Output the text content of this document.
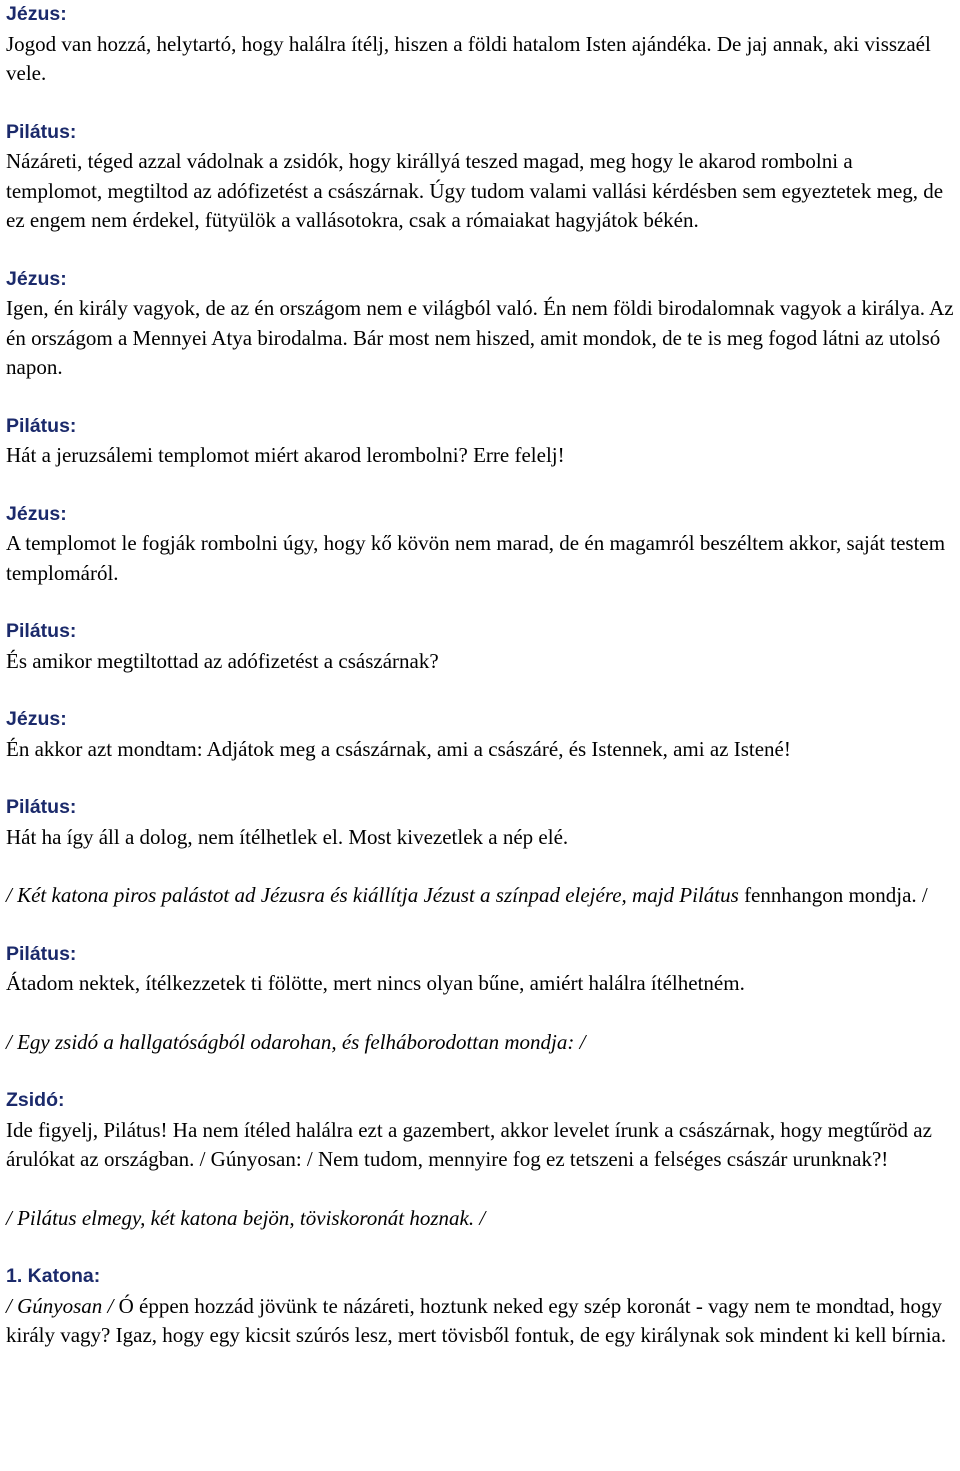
Jézus:

Jogod van hozzá, helytartó, hogy halálra ítélj, hiszen a földi hatalom Isten ajándéka. De jaj annak, aki visszaél vele.

Pilátus:

Názáreti, téged azzal vádolnak a zsidók, hogy királlyá teszed magad, meg hogy le akarod rombolni a templomot, megtiltod az adófizetést a császárnak. Úgy tudom valami vallási kérdésben sem egyeztetek meg, de ez engem nem érdekel, fütyülök a vallásotokra, csak a rómaiakat hagyjátok békén.

Jézus:

Igen, én király vagyok, de az én országom nem e világból való. Én nem földi birodalomnak vagyok a királya. Az én országom a Mennyei Atya birodalma. Bár most nem hiszed, amit mondok, de te is meg fogod látni az utolsó napon.

Pilátus:

Hát a jeruzsálemi templomot miért akarod lerombolni? Erre felelj!

Jézus:

A templomot le fogják rombolni úgy, hogy kő kövön nem marad, de én magamról beszéltem akkor, saját testem templomáról.

Pilátus:

És amikor megtiltottad az adófizetést a császárnak?

Jézus:

Én akkor azt mondtam: Adjátok meg a császárnak, ami a császáré, és Istennek, ami az Istené!

Pilátus:

Hát ha így áll a dolog, nem ítélhetlek el. Most kivezetlek a nép elé.

/ Két katona piros palástot ad Jézusra és kiállítja Jézust a színpad elejére, majd Pilátus fennhangon mondja. /

Pilátus:

Átadom nektek, ítélkezzetek ti fölötte, mert nincs olyan bűne, amiért halálra ítélhetném.

/ Egy zsidó a hallgatóságból odarohan, és felháborodottan mondja: /

Zsidó:

Ide figyelj, Pilátus! Ha nem ítéled halálra ezt a gazembert, akkor levelet írunk a császárnak, hogy megtűröd az árulókat az országban. / Gúnyosan: / Nem tudom, mennyire fog ez tetszeni a felséges császár urunknak?!

/ Pilátus elmegy, két katona bejön, töviskoronát hoznak. /

1. Katona:

/ Gúnyosan / Ó éppen hozzád jövünk te názáreti, hoztunk neked egy szép koronát - vagy nem te mondtad, hogy király vagy? Igaz, hogy egy kicsit szúrós lesz, mert tövisből fontuk, de egy királynak sok mindent ki kell bírnia.
